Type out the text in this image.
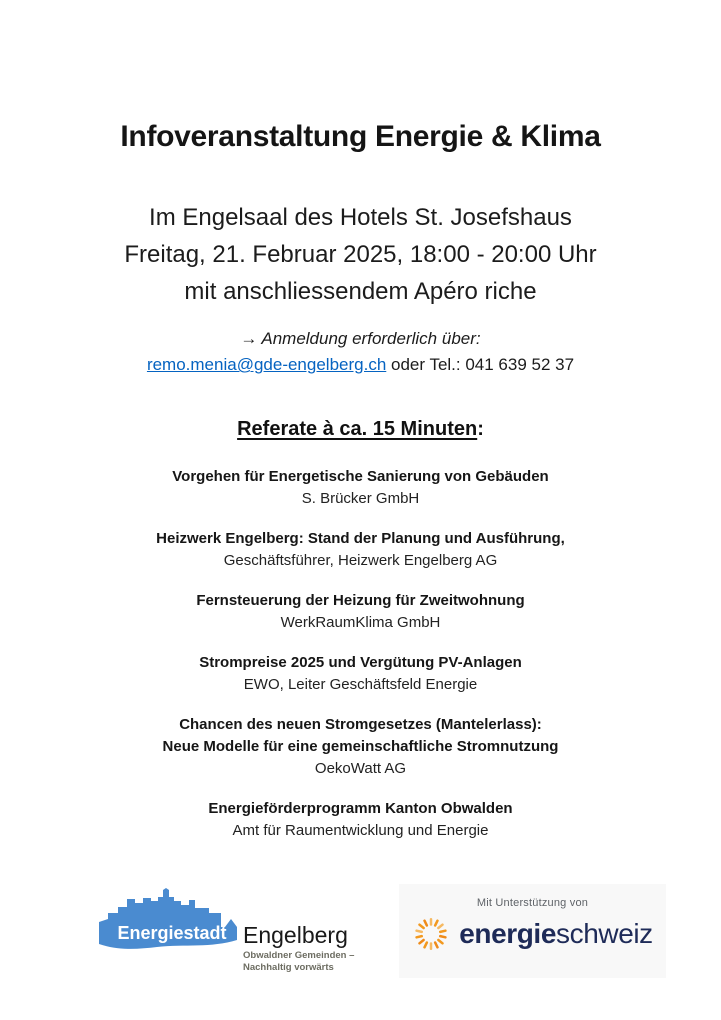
Infoveranstaltung Energie & Klima
Im Engelsaal des Hotels St. Josefshaus
Freitag, 21. Februar 2025, 18:00 - 20:00 Uhr
mit anschliessendem Apéro riche
→ Anmeldung erforderlich über:
remo.menia@gde-engelberg.ch oder Tel.: 041 639 52 37
Referate à ca. 15 Minuten:
Vorgehen für Energetische Sanierung von Gebäuden
S. Brücker GmbH
Heizwerk Engelberg: Stand der Planung und Ausführung,
Geschäftsführer, Heizwerk Engelberg AG
Fernsteuerung der Heizung für Zweitwohnung
WerkRaumKlima GmbH
Strompreise 2025 und Vergütung PV-Anlagen
EWO, Leiter Geschäftsfeld Energie
Chancen des neuen Stromgesetzes (Mantelerlass):
Neue Modelle für eine gemeinschaftliche Stromnutzung
OekoWatt AG
Energieförderprogramm Kanton Obwalden
Amt für Raumentwicklung und Energie
Energiestadt Engelberg
Obwaldner Gemeinden –
Nachhaltig vorwärts
Mit Unterstützung von
energieschweiz
